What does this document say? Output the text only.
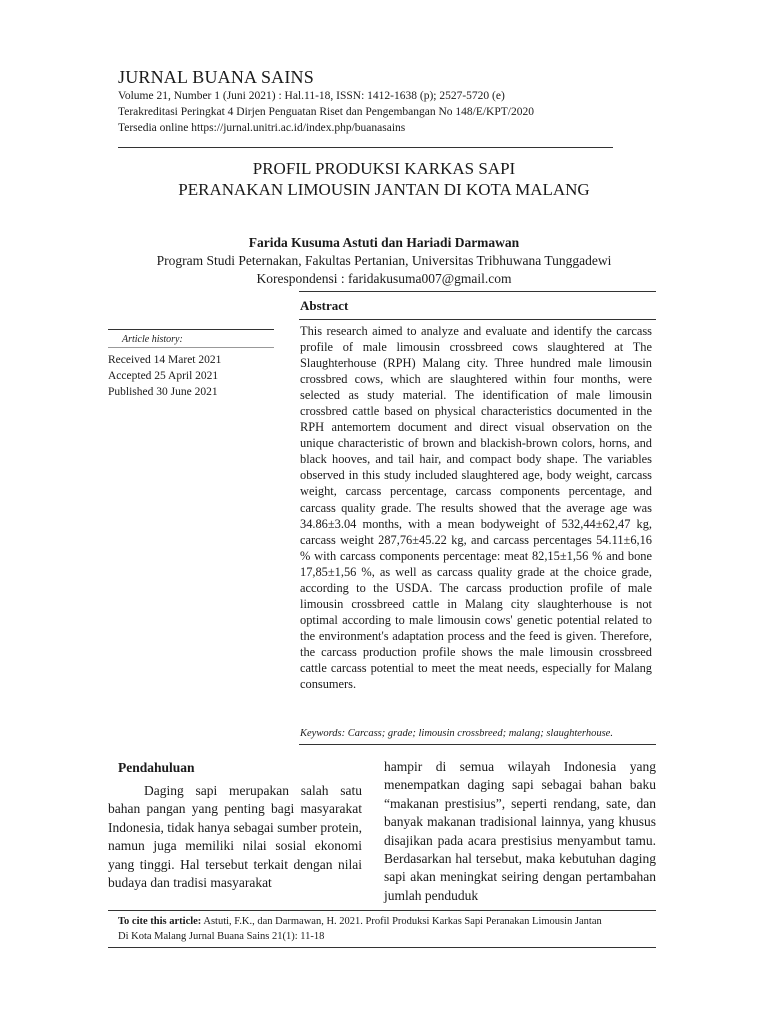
JURNAL BUANA SAINS
Volume 21, Number 1 (Juni 2021) : Hal.11-18, ISSN: 1412-1638 (p); 2527-5720 (e)
Terakreditasi Peringkat 4 Dirjen Penguatan Riset dan Pengembangan No 148/E/KPT/2020
Tersedia online https://jurnal.unitri.ac.id/index.php/buanasains
PROFIL PRODUKSI KARKAS SAPI
PERANAKAN LIMOUSIN JANTAN DI KOTA MALANG
Farida Kusuma Astuti dan Hariadi Darmawan
Program Studi Peternakan, Fakultas Pertanian, Universitas Tribhuwana Tunggadewi
Korespondensi : faridakusuma007@gmail.com
Abstract
Article history:
Received 14 Maret 2021
Accepted 25 April 2021
Published 30 June 2021
This research aimed to analyze and evaluate and identify the carcass profile of male limousin crossbreed cows slaughtered at The Slaughterhouse (RPH) Malang city. Three hundred male limousin crossbred cows, which are slaughtered within four months, were selected as study material. The identification of male limousin crossbred cattle based on physical characteristics documented in the RPH antemortem document and direct visual observation on the unique characteristic of brown and blackish-brown colors, horns, and black hooves, and tail hair, and compact body shape. The variables observed in this study included slaughtered age, body weight, carcass weight, carcass percentage, carcass components percentage, and carcass quality grade. The results showed that the average age was 34.86±3.04 months, with a mean bodyweight of 532,44±62,47 kg, carcass weight 287,76±45.22 kg, and carcass percentages 54.11±6,16 % with carcass components percentage: meat 82,15±1,56 % and bone 17,85±1,56 %, as well as carcass quality grade at the choice grade, according to the USDA. The carcass production profile of male limousin crossbreed cattle in Malang city slaughterhouse is not optimal according to male limousin cows' genetic potential related to the environment's adaptation process and the feed is given. Therefore, the carcass production profile shows the male limousin crossbreed cattle carcass potential to meet the meat needs, especially for Malang consumers.
Keywords: Carcass; grade; limousin crossbreed; malang; slaughterhouse.
Pendahuluan

Daging sapi merupakan salah satu bahan pangan yang penting bagi masyarakat Indonesia, tidak hanya sebagai sumber protein, namun juga memiliki nilai sosial ekonomi yang tinggi. Hal tersebut terkait dengan nilai budaya dan tradisi masyarakat

hampir di semua wilayah Indonesia yang menempatkan daging sapi sebagai bahan baku “makanan prestisius”, seperti rendang, sate, dan banyak makanan tradisional lainnya, yang khusus disajikan pada acara prestisius menyambut tamu. Berdasarkan hal tersebut, maka kebutuhan daging sapi akan meningkat seiring dengan pertambahan jumlah penduduk

To cite this article: Astuti, F.K., dan Darmawan, H. 2021. Profil Produksi Karkas Sapi Peranakan Limousin Jantan
Di Kota Malang Jurnal Buana Sains 21(1): 11-18
